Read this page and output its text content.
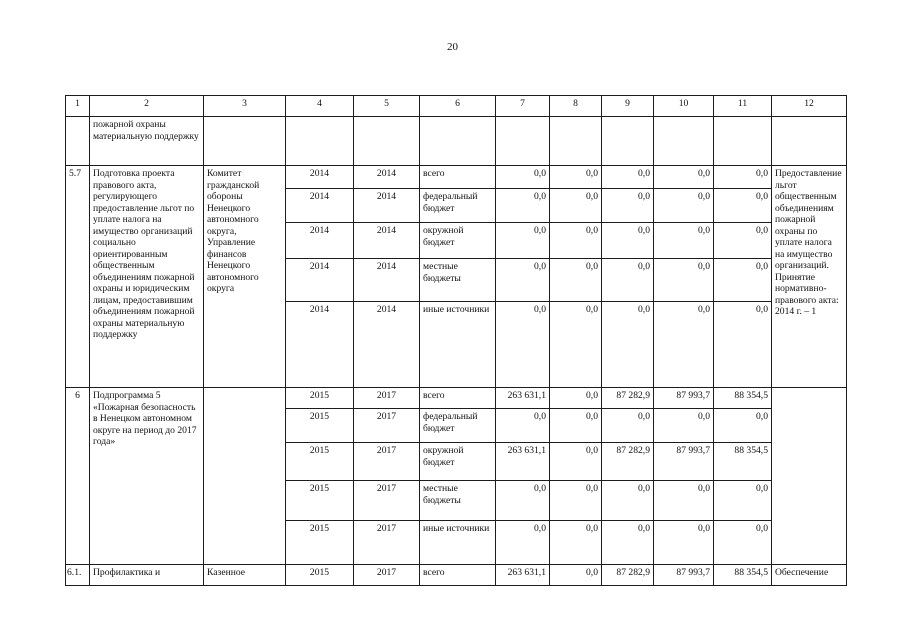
20
1	2	3	4	5	6	7	8	9	10	11	12
	пожарной охраны материальную поддержку										
5.7	Подготовка проекта правового акта, регулирующего предоставление льгот по уплате налога на имущество организаций социально ориентированным общественным объединениям пожарной охраны и юридическим лицам, предоставившим объединениям пожарной охраны материальную поддержку	Комитет гражданской обороны Ненецкого автономного округа, Управление финансов Ненецкого автономного округа	2014	2014	всего	0,0	0,0	0,0	0,0	0,0	Предоставление льгот общественным объединениям пожарной охраны по уплате налога на имущество организаций. Принятие нормативно-правового акта: 2014 г. – 1
			2014	2014	федеральный бюджет	0,0	0,0	0,0	0,0	0,0	
			2014	2014	окружной бюджет	0,0	0,0	0,0	0,0	0,0	
			2014	2014	местные бюджеты	0,0	0,0	0,0	0,0	0,0	
			2014	2014	иные источники	0,0	0,0	0,0	0,0	0,0	
6	Подпрограмма 5 «Пожарная безопасность в Ненецком автономном округе на период до 2017 года»		2015	2017	всего	263 631,1	0,0	87 282,9	87 993,7	88 354,5	
			2015	2017	федеральный бюджет	0,0	0,0	0,0	0,0	0,0	
			2015	2017	окружной бюджет	263 631,1	0,0	87 282,9	87 993,7	88 354,5	
			2015	2017	местные бюджеты	0,0	0,0	0,0	0,0	0,0	
			2015	2017	иные источники	0,0	0,0	0,0	0,0	0,0	
6.1.	Профилактика и	Казенное	2015	2017	всего	263 631,1	0,0	87 282,9	87 993,7	88 354,5	Обеспечение
